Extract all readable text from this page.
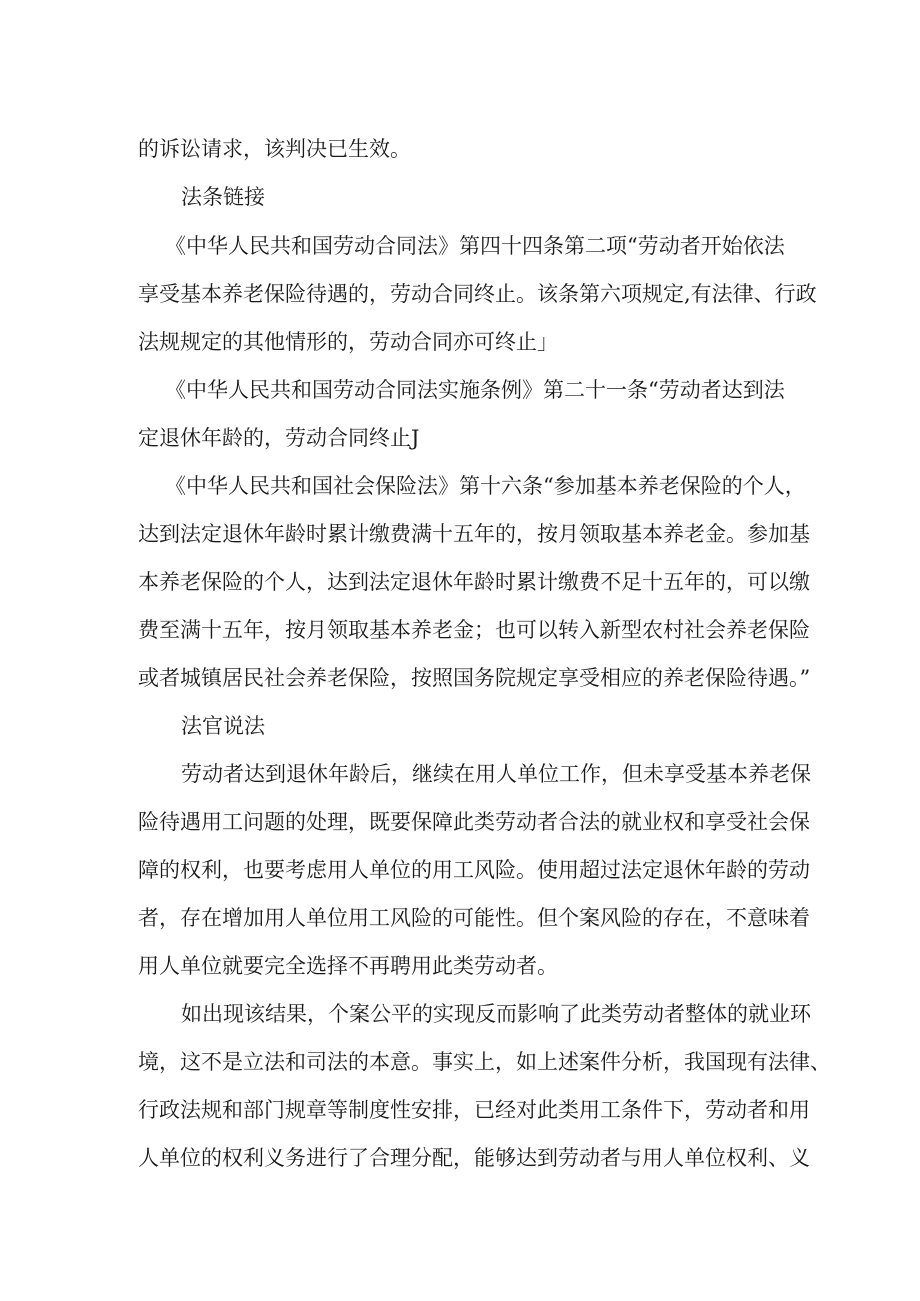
的诉讼请求，该判决已生效。
法条链接
《中华人民共和国劳动合同法》第四十四条第二项“劳动者开始依法
享受基本养老保险待遇的，劳动合同终止。该条第六项规定,有法律、行政
法规规定的其他情形的，劳动合同亦可终止」
《中华人民共和国劳动合同法实施条例》第二十一条“劳动者达到法
定退休年龄的，劳动合同终止J
《中华人民共和国社会保险法》第十六条“参加基本养老保险的个人，
达到法定退休年龄时累计缴费满十五年的，按月领取基本养老金。参加基
本养老保险的个人，达到法定退休年龄时累计缴费不足十五年的，可以缴
费至满十五年，按月领取基本养老金；也可以转入新型农村社会养老保险
或者城镇居民社会养老保险，按照国务院规定享受相应的养老保险待遇。”
法官说法
劳动者达到退休年龄后，继续在用人单位工作，但未享受基本养老保
险待遇用工问题的处理，既要保障此类劳动者合法的就业权和享受社会保
障的权利，也要考虑用人单位的用工风险。使用超过法定退休年龄的劳动
者，存在增加用人单位用工风险的可能性。但个案风险的存在，不意味着
用人单位就要完全选择不再聘用此类劳动者。
如出现该结果，个案公平的实现反而影响了此类劳动者整体的就业环
境，这不是立法和司法的本意。事实上，如上述案件分析，我国现有法律、
行政法规和部门规章等制度性安排，已经对此类用工条件下，劳动者和用
人单位的权利义务进行了合理分配，能够达到劳动者与用人单位权利、义
